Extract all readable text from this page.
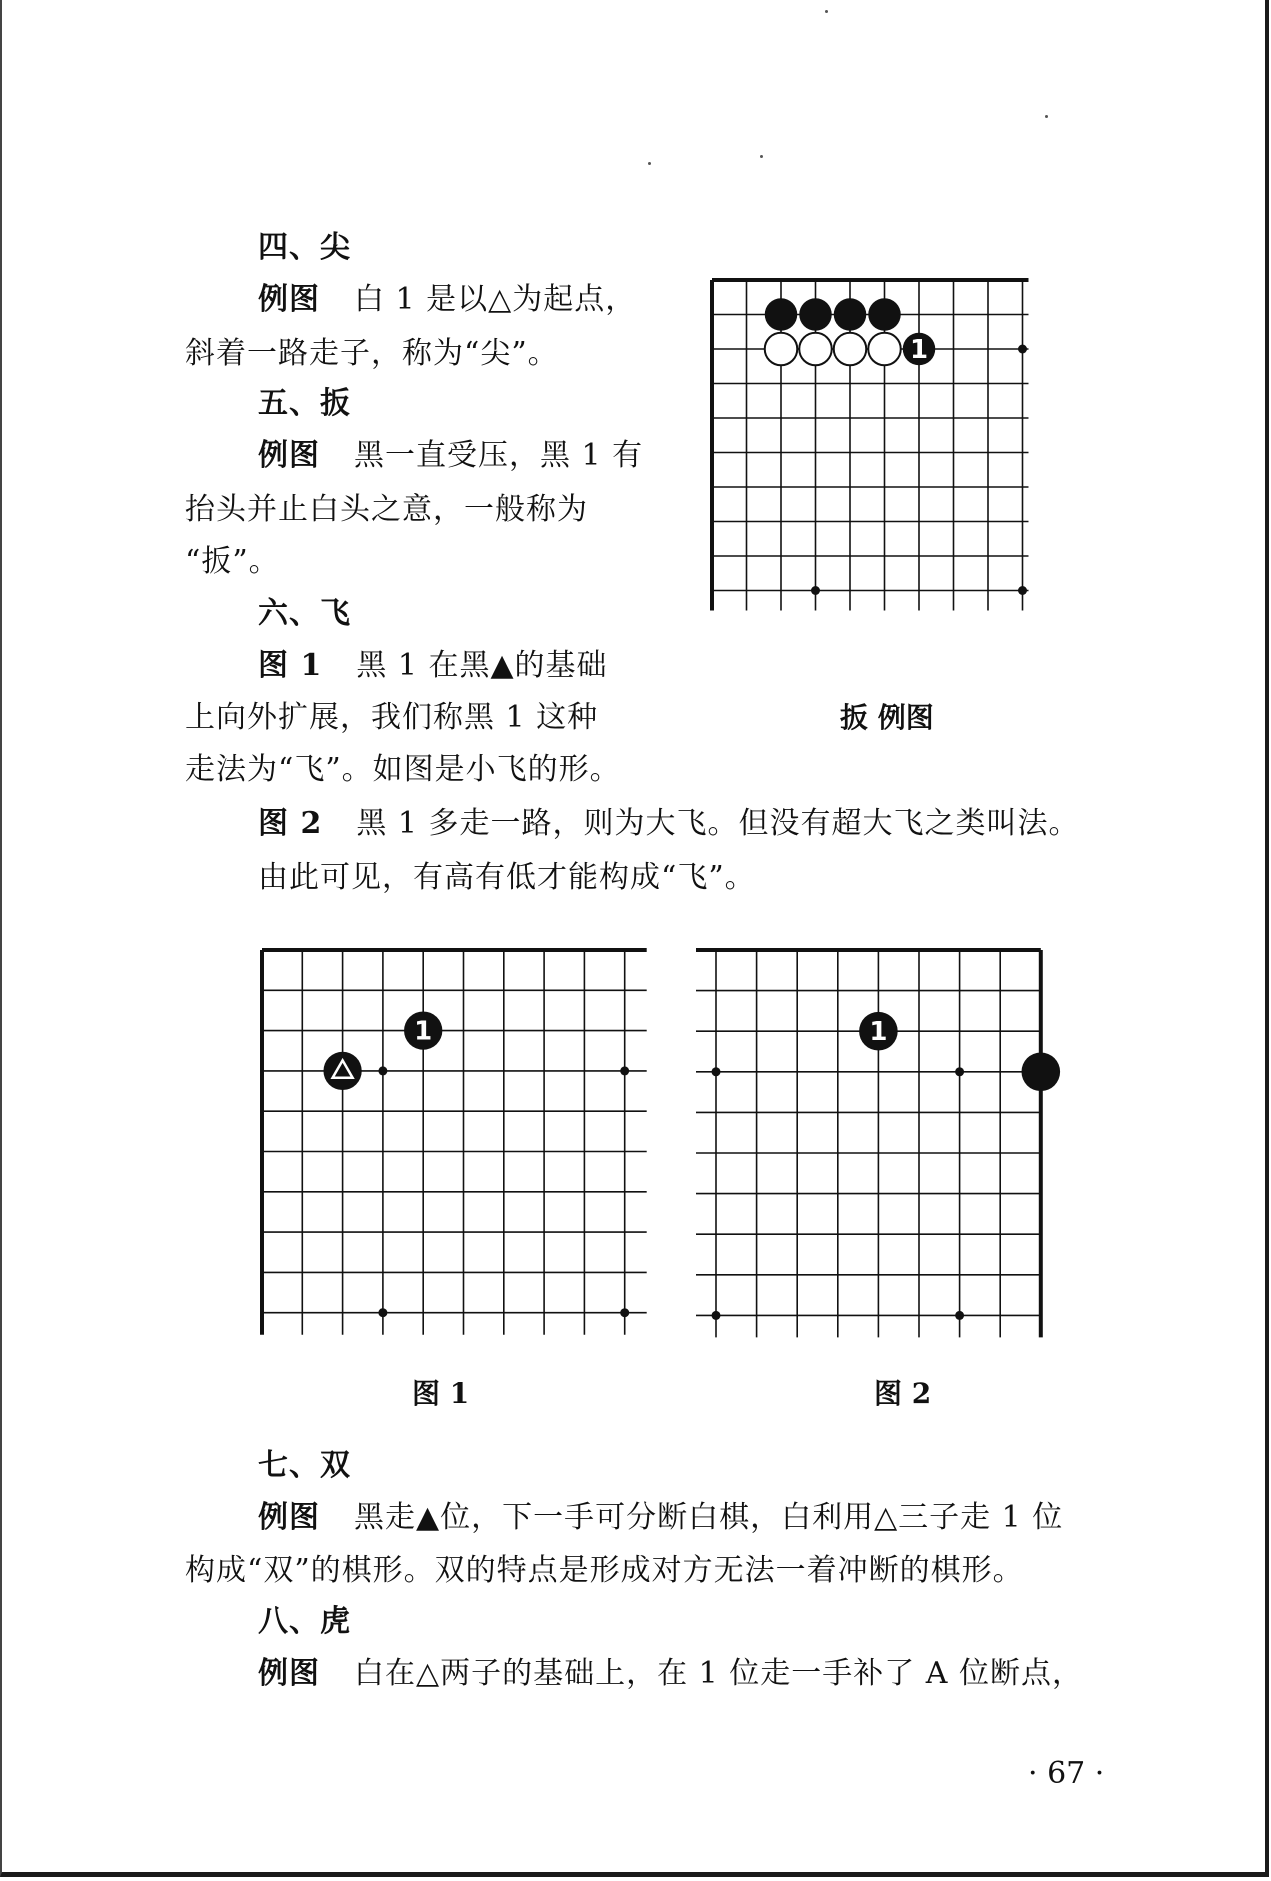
四、尖
例图 白 1 是以△为起点，
斜着一路走子，称为“尖”。
五、扳
例图 黑一直受压，黑 1 有
抬头并止白头之意，一般称为
“扳”。
六、飞
图 1 黑 1 在黑▲的基础
上向外扩展，我们称黑 1 这种
走法为“飞”。如图是小飞的形。
图 2 黑 1 多走一路，则为大飞。但没有超大飞之类叫法。
由此可见，有高有低才能构成“飞”。
1
扳 例图
1
图 1
1
图 2
七、双
例图 黑走▲位，下一手可分断白棋，白利用△三子走 1 位
构成“双”的棋形。双的特点是形成对方无法一着冲断的棋形。
八、虎
例图 白在△两子的基础上，在 1 位走一手补了 A 位断点，
· 67 ·
